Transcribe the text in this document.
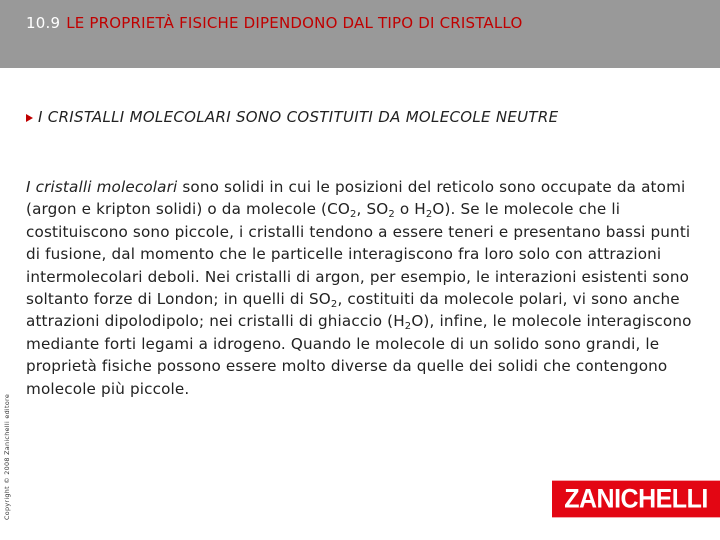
10.9 LE PROPRIETÀ FISICHE DIPENDONO DAL TIPO DI CRISTALLO
I CRISTALLI MOLECOLARI SONO COSTITUITI DA MOLECOLE NEUTRE

I cristalli molecolari sono solidi in cui le posizioni del reticolo sono occupate da atomi (argon e kripton solidi) o da molecole ($CO_2$, $SO_2$ o $H_2O$). Se le molecole che li costituiscono sono piccole, i cristalli tendono a essere teneri e presentano bassi punti di fusione, dal momento che le particelle interagiscono fra loro solo con attrazioni intermolecolari deboli. Nei cristalli di argon, per esempio, le interazioni esistenti sono soltanto forze di London; in quelli di $SO_2$, costituiti da molecole polari, vi sono anche attrazioni dipolodipolo; nei cristalli di ghiaccio $(H_2O)$, infine, le molecole interagiscono mediante forti legami a idrogeno. Quando le molecole di un solido sono grandi, le proprietà fisiche possono essere molto diverse da quelle dei solidi che contengono molecole più piccole.

Copyright © 2008 Zanichelli editore	ZANICHELLI
